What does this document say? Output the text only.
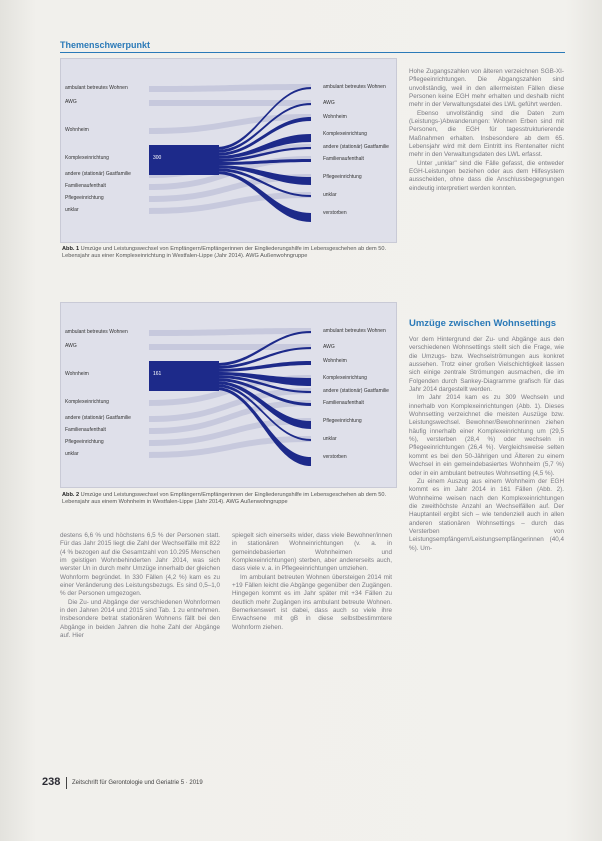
Themenschwerpunkt
ambulant betreutes Wohnen
AWG
Wohnheim
Komplexeinrichtung
andere (stationär) Gastfamilie
Familienaufenthalt
Pflegeeinrichtung
unklar
ambulant betreutes Wohnen
AWG
Wohnheim
Komplexeinrichtung
andere (stationär) Gastfamilie
Familienaufenthalt
Pflegeeinrichtung
unklar
verstorben
300
Abb. 1 Umzüge und Leistungswechsel von Empfängern/Empfängerinnen der Eingliederungshilfe im Lebensgeschehen ab dem 50. Lebensjahr aus einer Komplexeinrichtung in Westfalen-Lippe (Jahr 2014). AWG Außenwohngruppe
ambulant betreutes Wohnen
AWG
Wohnheim
Komplexeinrichtung
andere (stationär) Gastfamilie
Familienaufenthalt
Pflegeeinrichtung
unklar
ambulant betreutes Wohnen
AWG
Wohnheim
Komplexeinrichtung
andere (stationär) Gastfamilie
Familienaufenthalt
Pflegeeinrichtung
unklar
verstorben
161
Abb. 2 Umzüge und Leistungswechsel von Empfängern/Empfängerinnen der Eingliederungshilfe im Lebensgeschehen ab dem 50. Lebensjahr aus einem Wohnheim in Westfalen-Lippe (Jahr 2014). AWG Außenwohngruppe

Hohe Zugangszahlen von älteren verzeichnen SGB-XI-Pflegeeinrichtungen. Die Abgangszahlen sind unvollständig, weil in den allermeisten Fällen diese Personen keine EGH mehr erhalten und deshalb nicht mehr in der Verwaltungsdatei des LWL geführt werden.

Ebenso unvollständig sind die Daten zum (Leistungs-)Abwanderungen: Wohnen Erben sind mit Personen, die EGH für tagesstrukturierende Maßnahmen erhalten. Insbesondere ab dem 65. Lebensjahr wird mit dem Eintritt ins Rentenalter nicht mehr in den Verwaltungsdaten des LWL erfasst.

Unter „unklar" sind die Fälle gefasst, die entweder EGH-Leistungen beziehen oder aus dem Hilfesystem ausscheiden, ohne dass die Anschlussbegegnungen eindeutig interpretiert werden konnten.

Umzüge zwischen Wohnsettings

Vor dem Hintergrund der Zu- und Abgänge aus den verschiedenen Wohnsettings stellt sich die Frage, wie die Umzugs- bzw. Wechselströmungen aus konkret aussehen. Trotz einer großen Vielschichtigkeit lassen sich einige zentrale Strömungen ausmachen, die im Folgenden durch Sankey-Diagramme grafisch für das Jahr 2014 dargestellt werden.

Im Jahr 2014 kam es zu 309 Wechseln und innerhalb von Komplexeinrichtungen (Abb. 1). Dieses Wohnsetting verzeichnet die meisten Auszüge bzw. Leistungswechsel. Bewohner/Bewohnerinnen ziehen häufig innerhalb einer Komplexeinrichtung um (29,5 %), versterben (28,4 %) oder wechseln in Pflegeeinrichtungen (26,4 %). Vergleichsweise selten kommt es bei den 50-Jährigen und Älteren zu einem Wechsel in ein gemeindebasiertes Wohnheim (5,7 %) oder in ein ambulant betreutes Wohnsetting (4,5 %).

Zu einem Auszug aus einem Wohnheim der EGH kommt es im Jahr 2014 in 161 Fällen (Abb. 2). Wohnheime weisen nach den Komplexeinrichtungen die zweithöchste Anzahl an Wechselfällen auf. Der Hauptanteil ergibt sich – wie tendenziell auch in allen anderen stationären Wohnsettings – durch das Versterben von Leistungsempfängern/Leistungsempfängerinnen (40,4 %). Um-

destens 6,6 % und höchstens 6,5 % der Personen statt. Für das Jahr 2015 liegt die Zahl der Wechselfälle mit 822 (4 % bezogen auf die Gesamtzahl von 10.295 Menschen im geistigen Wohnbehinderten Jahr 2014, was sich werster Un in durch mehr Umzüge innerhalb der gleichen Wohnform begründet. In 330 Fällen (4,2 %) kam es zu einer Veränderung des Leistungsbezugs. Es sind 0,5–1,0 % der Personen umgezogen.

Die Zu- und Abgänge der verschiedenen Wohnformen in den Jahren 2014 und 2015 sind Tab. 1 zu entnehmen. Insbesondere betrat stationären Wohnens fällt bei den Abgänge in beiden Jahren die hohe Zahl der Abgänge auf. Hier

spiegelt sich einerseits wider, dass viele Bewohner/innen in stationären Wohneinrichtungen (v. a. in gemeindebasierten Wohnheimen und Komplexeinrichtungen) sterben, aber andererseits auch, dass viele v. a. in Pflegeeinrichtungen umziehen.

Im ambulant betreuten Wohnen übersteigen 2014 mit +19 Fällen leicht die Abgänge gegenüber den Zugängen. Hingegen kommt es im Jahr später mit +34 Fällen zu deutlich mehr Zugängen ins ambulant betreute Wohnen. Bemerkenswert ist dabei, dass auch so viele ihre Erwachsene mit gB in diese selbstbestimmtere Wohnform ziehen.

238 Zeitschrift für Gerontologie und Geriatrie 5 · 2019
